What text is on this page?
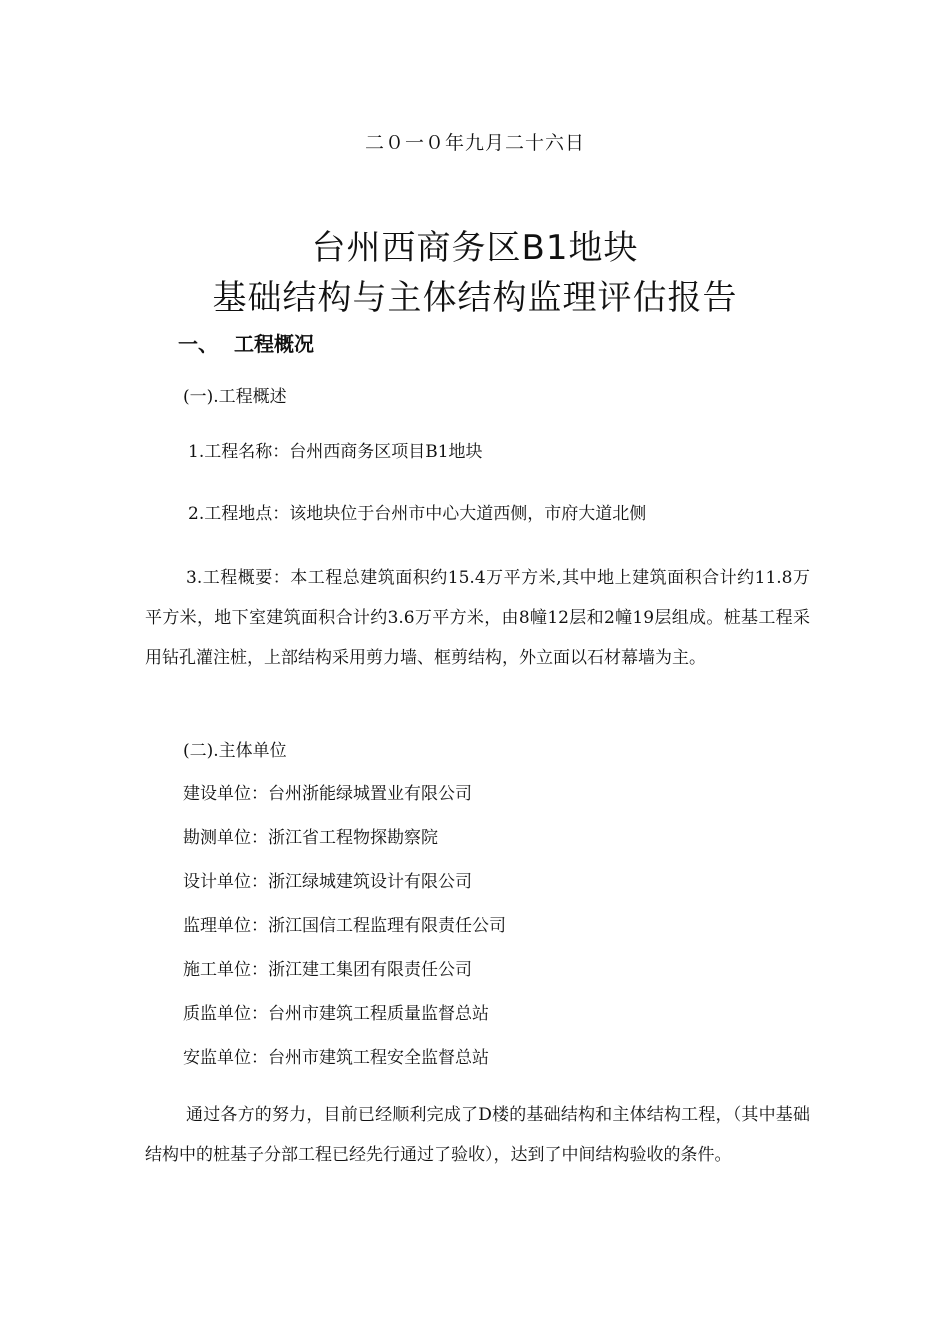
二０一０年九月二十六日
台州西商务区B1地块
基础结构与主体结构监理评估报告
一、 工程概况
(一).工程概述
1.工程名称：台州西商务区项目B1地块
2.工程地点：该地块位于台州市中心大道西侧，市府大道北侧
3.工程概要：本工程总建筑面积约15.4万平方米,其中地上建筑面积合计约11.8万平方米，地下室建筑面积合计约3.6万平方米，由8幢12层和2幢19层组成。桩基工程采用钻孔灌注桩，上部结构采用剪力墙、框剪结构，外立面以石材幕墙为主。
(二).主体单位
建设单位：台州浙能绿城置业有限公司
勘测单位：浙江省工程物探勘察院
设计单位：浙江绿城建筑设计有限公司
监理单位：浙江国信工程监理有限责任公司
施工单位：浙江建工集团有限责任公司
质监单位：台州市建筑工程质量监督总站
安监单位：台州市建筑工程安全监督总站
通过各方的努力，目前已经顺利完成了D楼的基础结构和主体结构工程，（其中基础结构中的桩基子分部工程已经先行通过了验收），达到了中间结构验收的条件。
